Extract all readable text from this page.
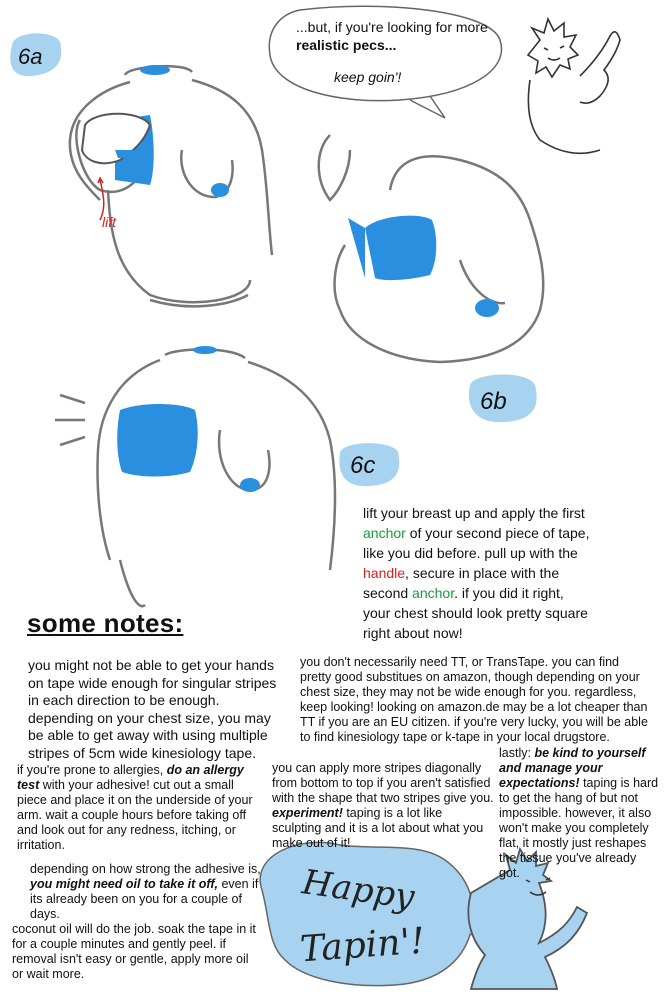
...but, if you're looking for more
realistic pecs...
keep goin'!
6a
6b
6c
lift
lift your breast up and apply the first
anchor of your second piece of tape,
like you did before. pull up with the
handle, secure in place with the
second anchor. if you did it right,
your chest should look pretty square
right about now!
some notes:
you might not be able to get your hands on tape wide enough for singular stripes in each direction to be enough. depending on your chest size, you may be able to get away with using multiple stripes of 5cm wide kinesiology tape.
you don't necessarily need TT, or TransTape. you can find pretty good substitues on amazon, though depending on your chest size, they may not be wide enough for you. regardless, keep looking! looking on amazon.de may be a lot cheaper than TT if you are an EU citizen. if you're very lucky, you will be able to find kinesiology tape or k-tape in your local drugstore.
if you're prone to allergies, do an allergy test with your adhesive! cut out a small piece and place it on the underside of your arm. wait a couple hours before taking off and look out for any redness, itching, or irritation.
you can apply more stripes diagonally from bottom to top if you aren't satisfied with the shape that two stripes give you. experiment! taping is a lot like sculpting and it is a lot about what you make out of it!
lastly: be kind to yourself and manage your expectations! taping is hard to get the hang of but not impossible. however, it also won't make you completely flat, it mostly just reshapes the tissue you've already got.
depending on how strong the adhesive is, you might need oil to take it off, even if its already been on you for a couple of days.
coconut oil will do the job. soak the tape in it for a couple minutes and gently peel. if removal isn't easy or gentle, apply more oil or wait more.
Happy
Tapin'!
